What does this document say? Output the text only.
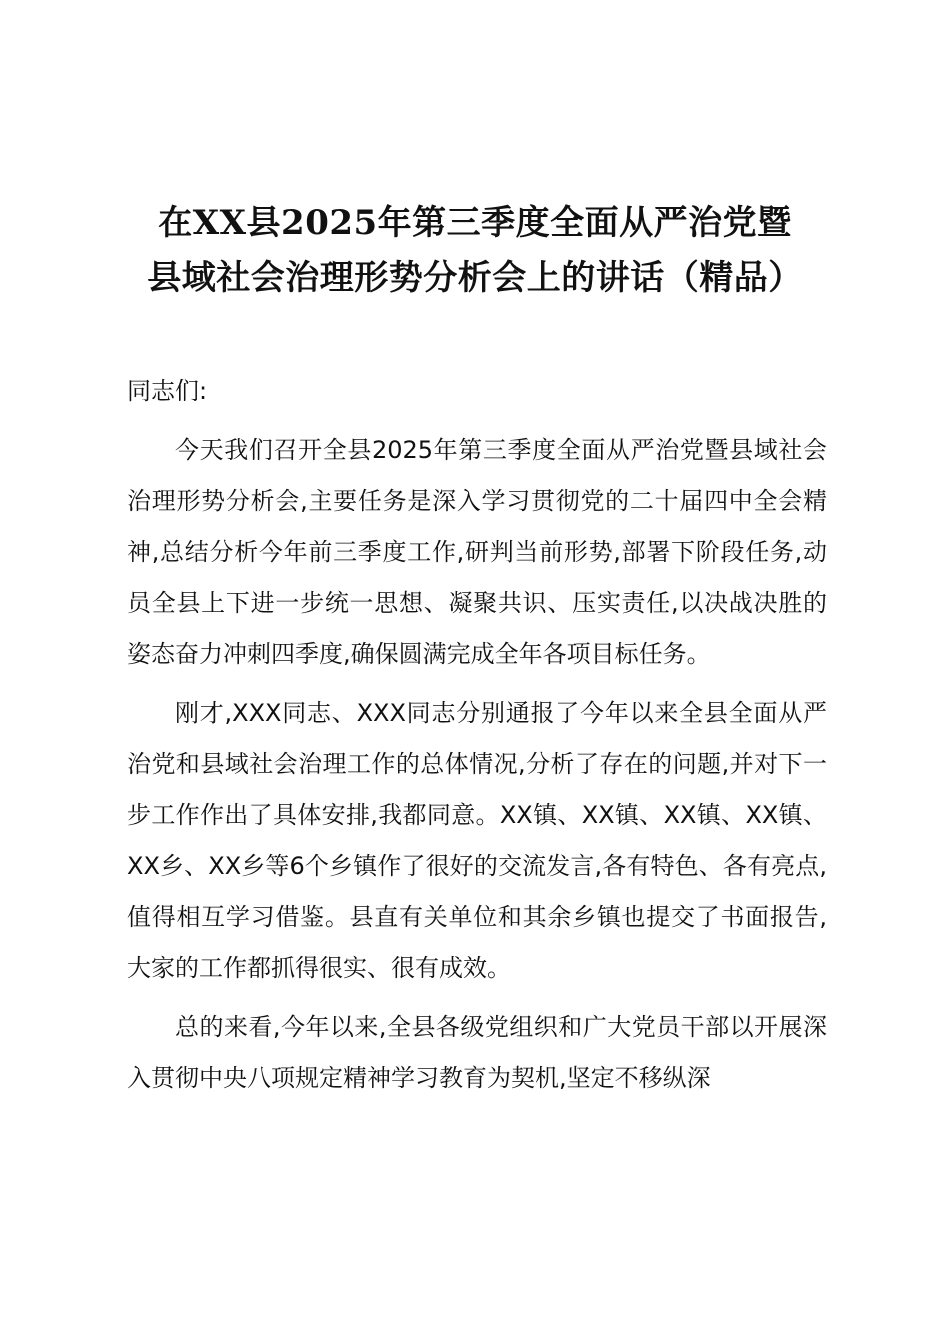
在XX县2025年第三季度全面从严治党暨
县域社会治理形势分析会上的讲话（精品）

同志们:

今天我们召开全县2025年第三季度全面从严治党暨县域社会治理形势分析会,主要任务是深入学习贯彻党的二十届四中全会精神,总结分析今年前三季度工作,研判当前形势,部署下阶段任务,动员全县上下进一步统一思想、凝聚共识、压实责任,以决战决胜的姿态奋力冲刺四季度,确保圆满完成全年各项目标任务。

刚才,XXX同志、XXX同志分别通报了今年以来全县全面从严治党和县域社会治理工作的总体情况,分析了存在的问题,并对下一步工作作出了具体安排,我都同意。XX镇、XX镇、XX镇、XX镇、XX乡、XX乡等6个乡镇作了很好的交流发言,各有特色、各有亮点,值得相互学习借鉴。县直有关单位和其余乡镇也提交了书面报告,大家的工作都抓得很实、很有成效。

总的来看,今年以来,全县各级党组织和广大党员干部以开展深入贯彻中央八项规定精神学习教育为契机,坚定不移纵深
